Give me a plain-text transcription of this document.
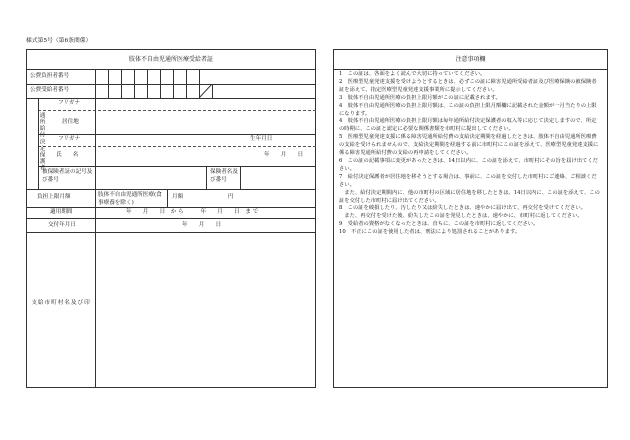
様式第5号（第6条関係）
肢体不自由児通所医療受給者証
公費負担者番号
公費受給者番号
通所給付決定保護者
フリガナ
居住地
フリガナ	生年月日
氏　　名	年　　月　　日
被保険者証の記号及び番号
保険者名及び番号
負担上限月額	肢体不自由児通所医療(食事療養を除く)
月額	円
適用期間	年　　月　　日　か ら　　　年　　月　　日　ま で
交付年月日	年　　月　　日
支給市町村名及び印
注意事項欄

1　この証は、各面をよく読んで大切に持っていてください。

2　医療型児童発達支援を受けようとするときは、必ずこの証に障害児通所受給者証及び医療保険の被保険者証を添えて、指定医療型児童発達支援事業所に提示してください。

3　肢体不自由児通所医療の負担上限月額がこの証に記載されます。

4　肢体不自由児通所医療の負担上限月額は、この証の負担上限月額欄に記載された金額が一月当たりの上限になります。

4　肢体不自由児通所医療の負担上限月額は毎年通所給付決定保護者の収入等に応じて決定しますので、所定の時期に、この証と認定に必要な関係書類を市町村に提出してください。

5　医療型児童発達支援に係る障害児通所給付費の支給決定期間を経過したときは、肢体不自由児通所医療費の支給を受けられませんので、支給決定期間を経過する前に市町村にこの証を添えて、医療型児童発達支援に係る障害児通所給付費の支給の再申請をしてください。

6　この証の記載事項に変更があったときは、14日以内に、この証を添えて、市町村にその旨を届け出てください。

7　給付決定保護者が居住地を移そうとする場合は、事前に、この証を交付した市町村にご連絡、ご相談ください。

　また、給付決定期間内に、他の市町村の区域に居住地を移したときは、14日以内に、この証を添えて、この証を交付した市町村に届け出てください。

8　この証を破損したり、汚したり又は紛失したときは、速やかに届け出て、再交付を受けてください。

　また、再交付を受けた後、紛失したこの証を発見したときは、速やかに、市町村に返してください。

9　受給者の資格がなくなったときは、直ちに、この証を市町村に返してください。

10　不正にこの証を使用した者は、刑法により処罰されることがあります。
